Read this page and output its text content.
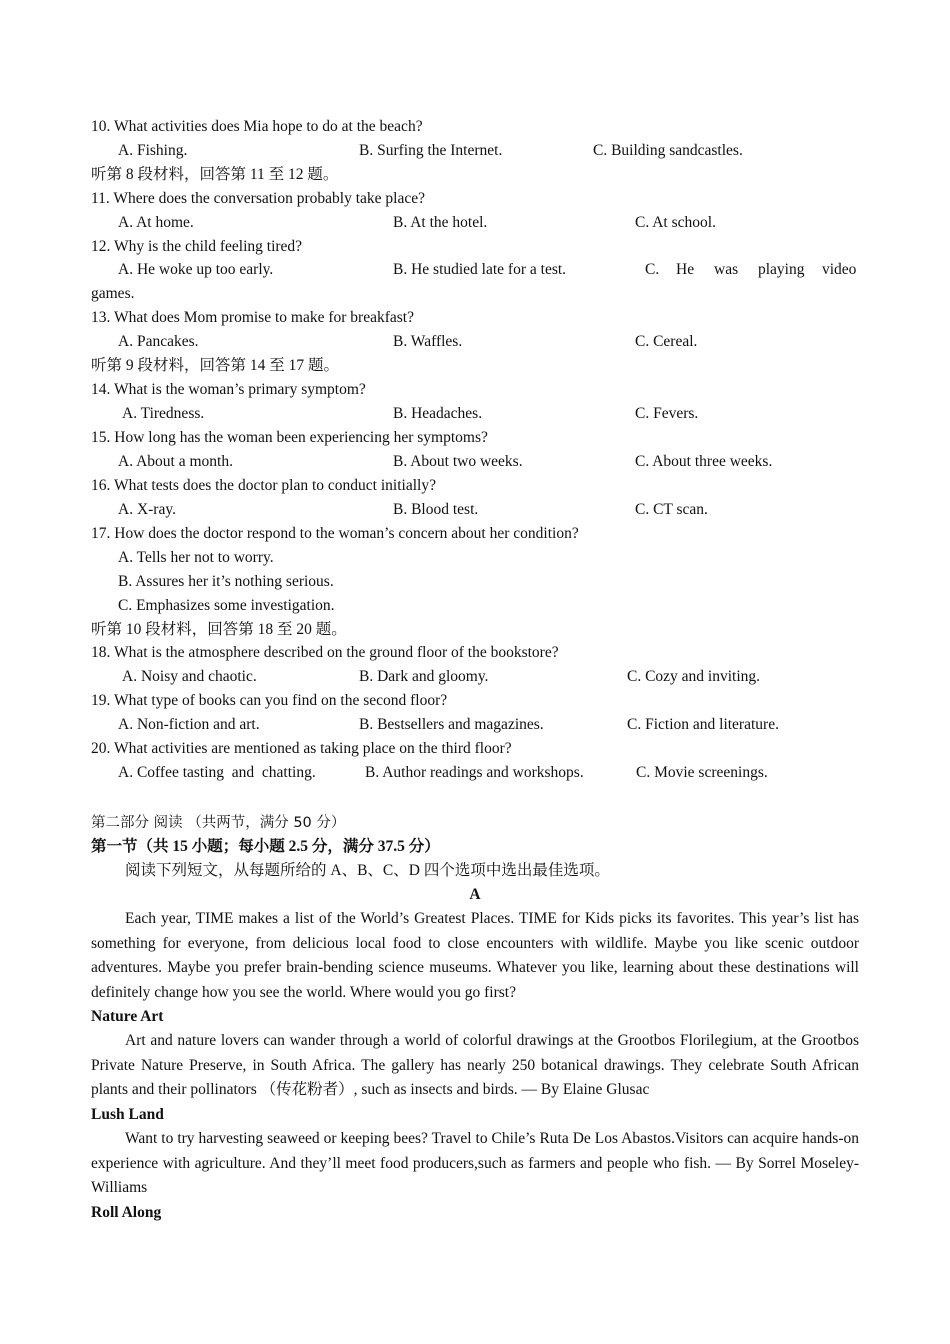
10. What activities does Mia hope to do at the beach?
A. Fishing.	B. Surfing the Internet.	C. Building sandcastles.
听第 8 段材料，回答第 11 至 12 题。
11. Where does the conversation probably take place?
A. At home.	B. At the hotel.	C. At school.
12. Why is the child feeling tired?
A. He woke up too early.	B. He studied late for a test.	C. He was playing video
games.
13. What does Mom promise to make for breakfast?
A. Pancakes.	B. Waffles.	C. Cereal.
听第 9 段材料，回答第 14 至 17 题。
14. What is the woman’s primary symptom?
A. Tiredness.	B. Headaches.	C. Fevers.
15. How long has the woman been experiencing her symptoms?
A. About a month.	B. About two weeks.	C. About three weeks.
16. What tests does the doctor plan to conduct initially?
A. X-ray.	B. Blood test.	C. CT scan.
17. How does the doctor respond to the woman’s concern about her condition?
A. Tells her not to worry.
B. Assures her it’s nothing serious.
C. Emphasizes some investigation.
听第 10 段材料，回答第 18 至 20 题。
18. What is the atmosphere described on the ground floor of the bookstore?
A. Noisy and chaotic.	B. Dark and gloomy.	C. Cozy and inviting.
19. What type of books can you find on the second floor?
A. Non-fiction and art.	B. Bestsellers and magazines.	C. Fiction and literature.
20. What activities are mentioned as taking place on the third floor?
A. Coffee tasting  and  chatting.	B. Author readings and workshops.	C. Movie screenings.
第二部分 阅读 （共两节，满分 50 分）
第一节（共 15 小题；每小题 2.5 分，满分 37.5 分）
阅读下列短文，从每题所给的 A、B、C、D 四个选项中选出最佳选项。
A
Each year, TIME makes a list of the World’s Greatest Places. TIME for Kids picks its favorites. This year’s list has something for everyone, from delicious local food to close encounters with wildlife. Maybe you like scenic outdoor adventures. Maybe you prefer brain-bending science museums. Whatever you like, learning about these destinations will definitely change how you see the world. Where would you go first?
Nature Art
Art and nature lovers can wander through a world of colorful drawings at the Grootbos Florilegium, at the Grootbos Private Nature Preserve, in South Africa. The gallery has nearly 250 botanical drawings. They celebrate South African plants and their pollinators （传花粉者）, such as insects and birds. — By Elaine Glusac
Lush Land
Want to try harvesting seaweed or keeping bees? Travel to Chile’s Ruta De Los Abastos.Visitors can acquire hands-on experience with agriculture. And they’ll meet food producers,such as farmers and people who fish. — By Sorrel Moseley-Williams
Roll Along
